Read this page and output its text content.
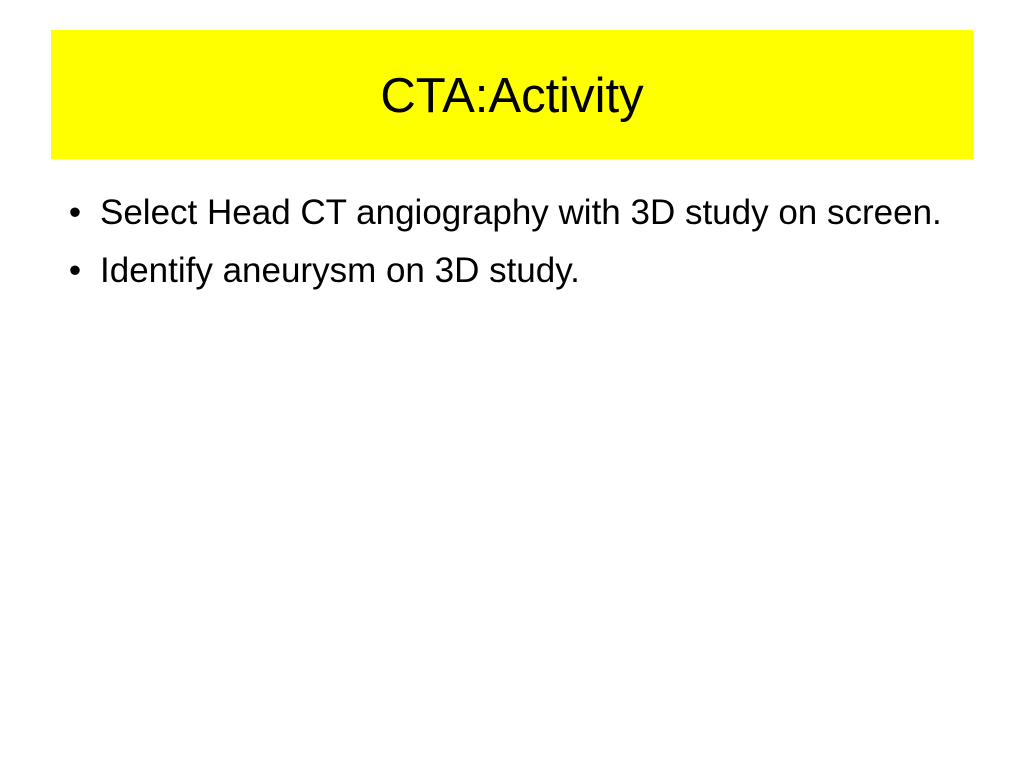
CTA:Activity
• Select Head CT angiography with 3D study on screen.
• Identify aneurysm on 3D study.
